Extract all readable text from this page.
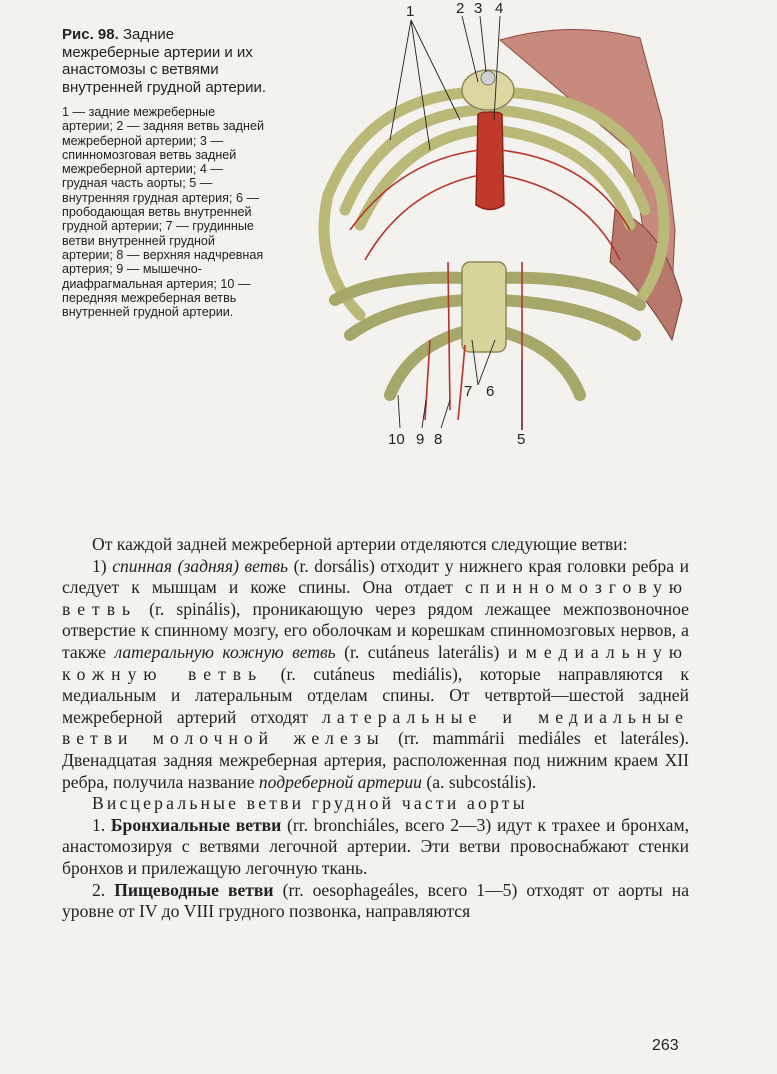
Рис. 98. Задние межреберные артерии и их анастомозы с ветвями внутренней грудной артерии.

1 — задние межреберные артерии; 2 — задняя ветвь задней межреберной артерии; 3 — спинномозговая ветвь задней межреберной артерии; 4 — грудная часть аорты; 5 — внутренняя грудная артерия; 6 — прободающая ветвь внутренней грудной артерии; 7 — грудинные ветви внутренней грудной артерии; 8 — верхняя надчревная артерия; 9 — мышечно-диафрагмальная артерия; 10 — передняя межреберная ветвь внутренней грудной артерии.

1	2 3 4
5
6
7
8
9
10

От каждой задней межреберной артерии отделяются следующие ветви:

1) спинная (задняя) ветвь (r. dorsális) отходит у нижнего края головки ребра и следует к мышцам и коже спины. Она отдает спинномозговую ветвь (r. spinális), проникающую через рядом лежащее межпозвоночное отверстие к спинному мозгу, его оболочкам и корешкам спинномозговых нервов, а также латеральную кожную ветвь (r. cutáneus laterális) и медиальную кожную ветвь (r. cutáneus mediális), которые направляются к медиальным и латеральным отделам спины. От четвртой—шестой задней межреберной артерий отходят латеральные и медиальные ветви молочной железы (rr. mammárii mediáles et lateráles). Двенадцатая задняя межреберная артерия, расположенная под нижним краем XII ребра, получила название подреберной артерии (a. subcostális).

Висцеральные ветви грудной части аорты

1. Бронхиальные ветви (rr. bronchiáles, всего 2—3) идут к трахее и бронхам, анастомозируя с ветвями легочной артерии. Эти ветви провоснабжают стенки бронхов и прилежащую легочную ткань.

2. Пищеводные ветви (rr. oesophageáles, всего 1—5) отходят от аорты на уровне от IV до VIII грудного позвонка, направляются

263
